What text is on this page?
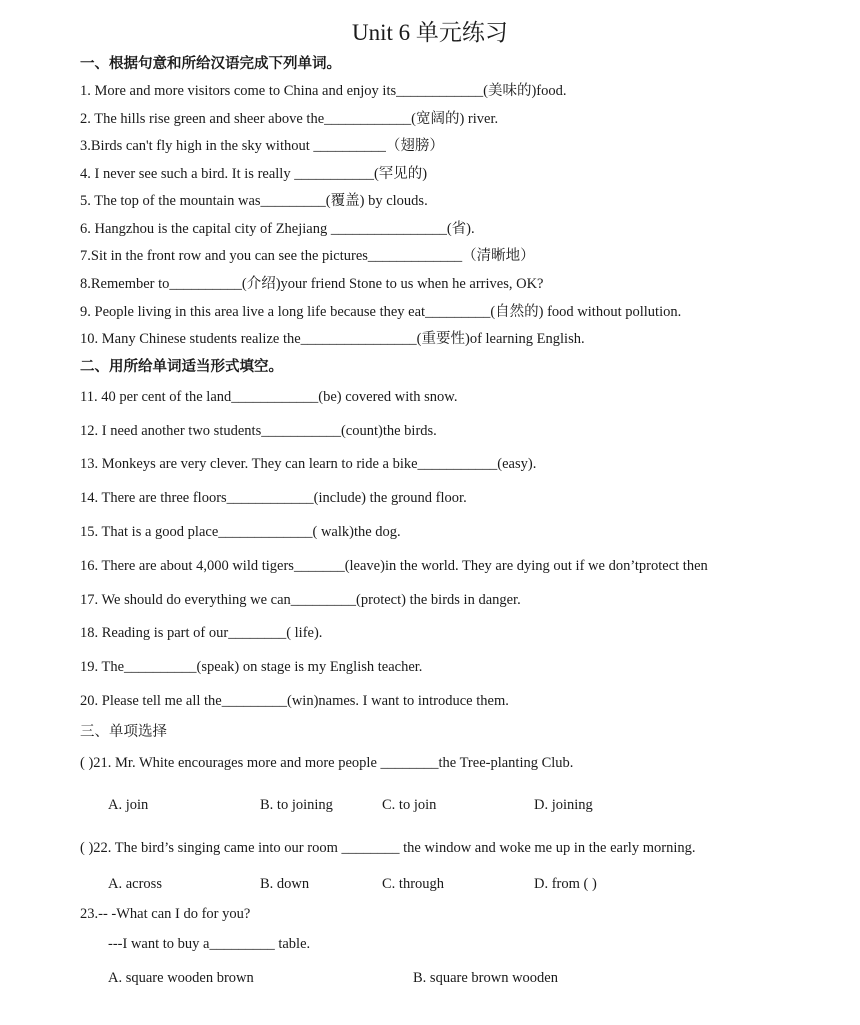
Unit 6 单元练习
一、根据句意和所给汉语完成下列单词。
1. More and more visitors come to China and enjoy its____________(美味的)food.
2. The hills rise green and sheer above the____________(宽阔的) river.
3.Birds can't fly high in the sky without __________（翅膀）
4. I never see such a bird. It is really ___________(罕见的)
5. The top of the mountain was_________(覆盖) by clouds.
6. Hangzhou is the capital city of Zhejiang ________________(省).
7.Sit in the front row and you can see the pictures_____________（清晰地）
8.Remember to__________(介绍)your friend Stone to us when he arrives, OK?
9. People living in this area live a long life because they eat_________(自然的) food without pollution.
10. Many Chinese students realize the________________(重要性)of learning English.
二、用所给单词适当形式填空。
11. 40 per cent of the land____________(be) covered with snow.
12. I need another two students___________(count)the birds.
13. Monkeys are very clever. They can learn to ride a bike___________(easy).
14. There are three floors____________(include) the ground floor.
15. That is a good place_____________( walk)the dog.
16. There are about 4,000 wild tigers_______(leave)in the world. They are dying out if we don’tprotect then
17. We should do everything we can_________(protect) the birds in danger.
18. Reading is part of our________( life).
19. The__________(speak) on stage is my English teacher.
20. Please tell me all the_________(win)names. I want to introduce them.
三、单项选择
( )21. Mr. White encourages more and more people ________the Tree-planting Club.
A. join	B. to joining	C. to join	D. joining
( )22. The bird’s singing came into our room ________ the window and woke me up in the early morning.
A. across	B. down	C. through	D. from ( )
23.-- -What can I do for you?
---I want to buy a_________ table.
A. square wooden brown	B. square brown wooden
